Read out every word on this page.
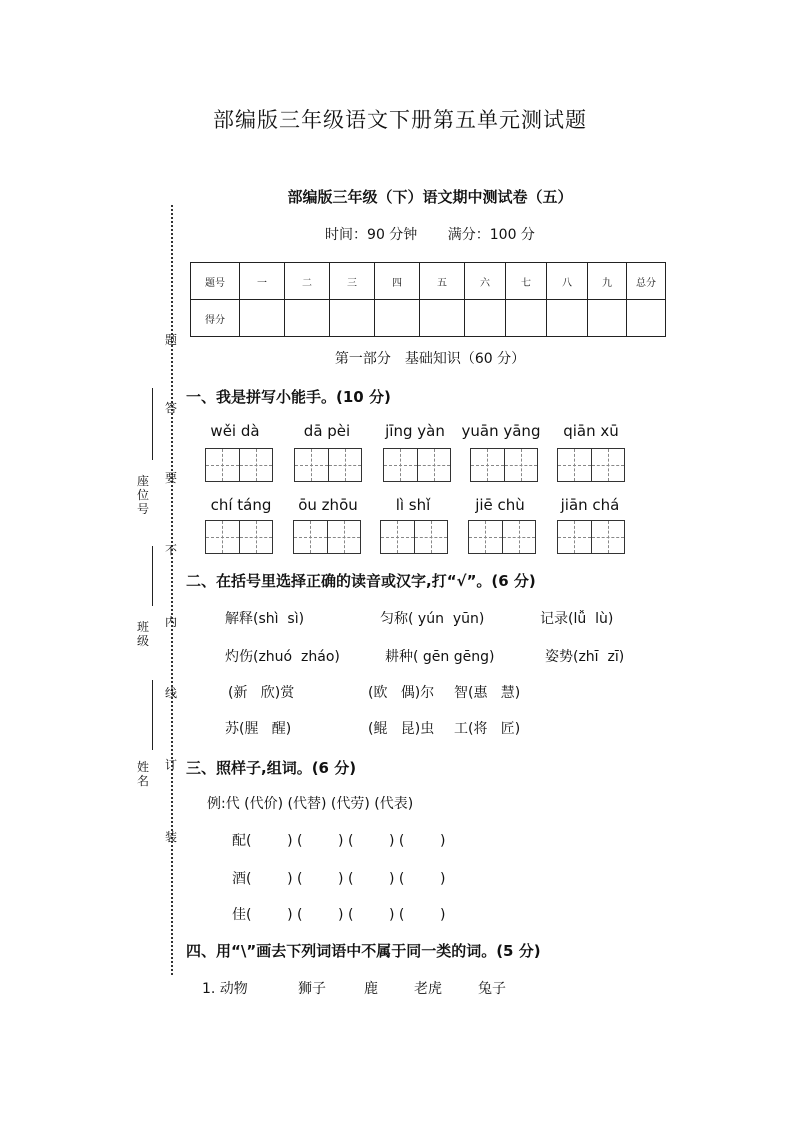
部编版三年级语文下册第五单元测试题
部编版三年级（下）语文期中测试卷（五）
时间：90 分钟 满分：100 分
题号	一	二	三	四	五	六	七	八	九	总分
得分										
第一部分　基础知识（60 分）
一、我是拼写小能手。(10 分)
wěi dà	dā pèi	jīng yàn	yuān yāng	qiān xū
chí táng	ōu zhōu	lì shǐ	jiē chù	jiān chá
二、在括号里选择正确的读音或汉字,打“√”。(6 分)
解释(shì  sì)	匀称( yún  yūn)	记录(lǚ  lù)
灼伤(zhuó  zháo)	耕种( gēn gēng)	姿势(zhī  zī)
(新   欣)赏	(欧   偶)尔 智(惠   慧)
苏(腥   醒)	(鲲   昆)虫 工(将   匠)
三、照样子,组词。(6 分)
例:代 (代价) (代替) (代劳) (代表)
配(        ) (        ) (        ) (        )
酒(        ) (        ) (        ) (        )
佳(        ) (        ) (        ) (        )
四、用“\”画去下列词语中不属于同一类的词。(5 分)
1. 动物	狮子	鹿	老虎	兔子
题
答
要
不
内
线
订
装
座位号
班级
姓名
